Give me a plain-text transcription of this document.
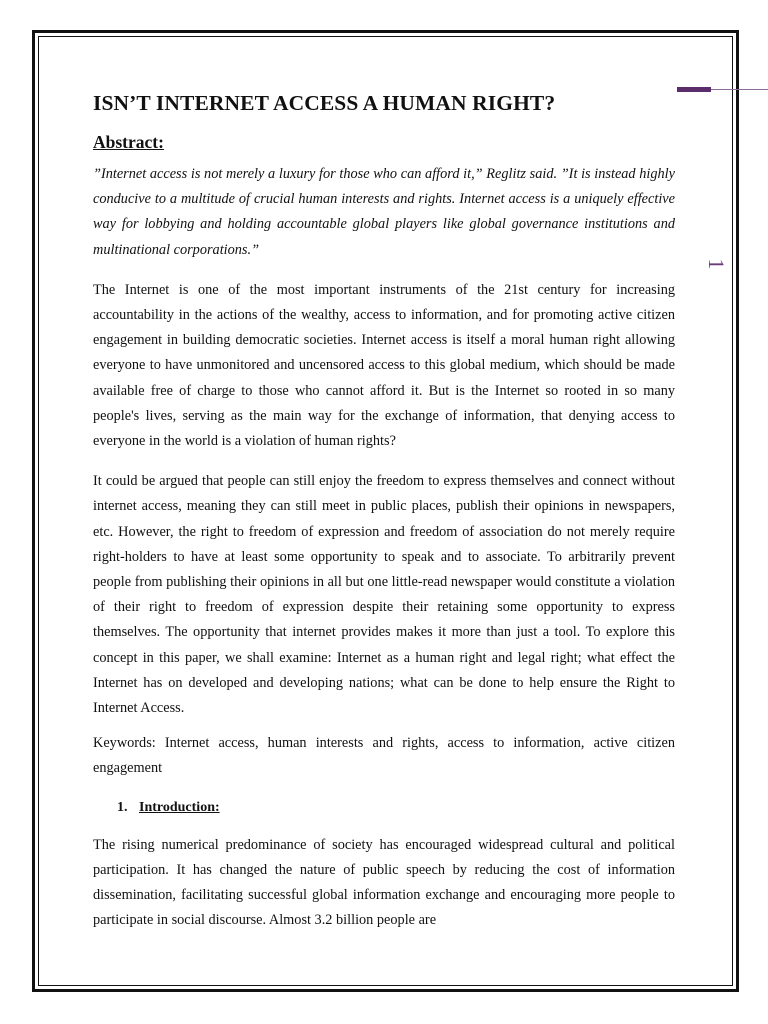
1
ISN’T INTERNET ACCESS A HUMAN RIGHT?
Abstract:

”Internet access is not merely a luxury for those who can afford it,” Reglitz said. ”It is instead highly conducive to a multitude of crucial human interests and rights. Internet access is a uniquely effective way for lobbying and holding accountable global players like global governance institutions and multinational corporations.”

The Internet is one of the most important instruments of the 21st century for increasing accountability in the actions of the wealthy, access to information, and for promoting active citizen engagement in building democratic societies. Internet access is itself a moral human right allowing everyone to have unmonitored and uncensored access to this global medium, which should be made available free of charge to those who cannot afford it. But is the Internet so rooted in so many people's lives, serving as the main way for the exchange of information, that denying access to everyone in the world is a violation of human rights?

It could be argued that people can still enjoy the freedom to express themselves and connect without internet access, meaning they can still meet in public places, publish their opinions in newspapers, etc. However, the right to freedom of expression and freedom of association do not merely require right-holders to have at least some opportunity to speak and to associate. To arbitrarily prevent people from publishing their opinions in all but one little-read newspaper would constitute a violation of their right to freedom of expression despite their retaining some opportunity to express themselves. The opportunity that internet provides makes it more than just a tool. To explore this concept in this paper, we shall examine: Internet as a human right and legal right; what effect the Internet has on developed and developing nations; what can be done to help ensure the Right to Internet Access.

Keywords: Internet access, human interests and rights, access to information, active citizen engagement

1. Introduction:

The rising numerical predominance of society has encouraged widespread cultural and political participation. It has changed the nature of public speech by reducing the cost of information dissemination, facilitating successful global information exchange and encouraging more people to participate in social discourse. Almost 3.2 billion people are
